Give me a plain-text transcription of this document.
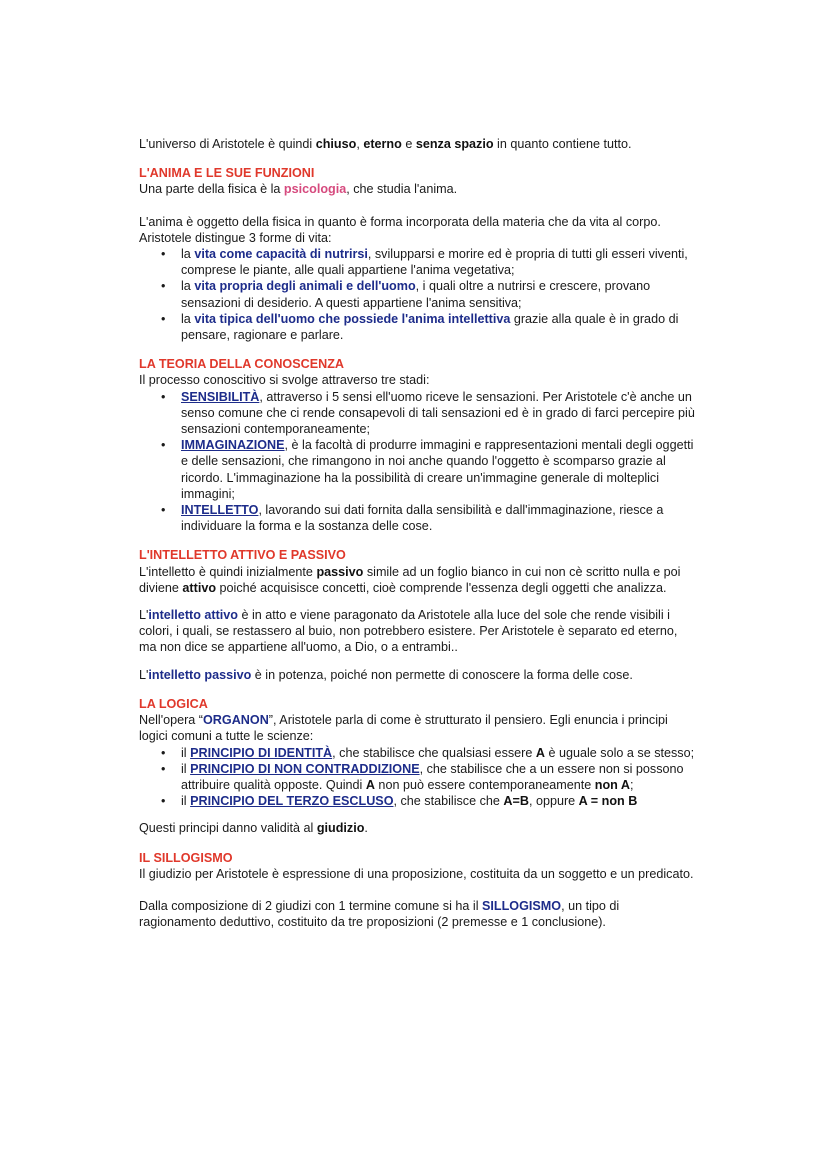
L'universo di Aristotele è quindi chiuso, eterno e senza spazio in quanto contiene tutto.

L'ANIMA E LE SUE FUNZIONI

Una parte della fisica è la psicologia, che studia l'anima.

L'anima è oggetto della fisica in quanto è forma incorporata della materia che da vita al corpo. Aristotele distingue 3 forme di vita:

• la vita come capacità di nutrirsi, svilupparsi e morire ed è propria di tutti gli esseri viventi, comprese le piante, alle quali appartiene l'anima vegetativa;
• la vita propria degli animali e dell'uomo, i quali oltre a nutrirsi e crescere, provano sensazioni di desiderio. A questi appartiene l'anima sensitiva;
• la vita tipica dell'uomo che possiede l'anima intellettiva grazie alla quale è in grado di pensare, ragionare e parlare.
LA TEORIA DELLA CONOSCENZA

Il processo conoscitivo si svolge attraverso tre stadi:

• SENSIBILITÀ, attraverso i 5 sensi ell'uomo riceve le sensazioni. Per Aristotele c'è anche un senso comune che ci rende consapevoli di tali sensazioni ed è in grado di farci percepire più sensazioni contemporaneamente;
• IMMAGINAZIONE, è la facoltà di produrre immagini e rappresentazioni mentali degli oggetti e delle sensazioni, che rimangono in noi anche quando l'oggetto è scomparso grazie al ricordo. L'immaginazione ha la possibilità di creare un'immagine generale di molteplici immagini;
• INTELLETTO, lavorando sui dati fornita dalla sensibilità e dall'immaginazione, riesce a individuare la forma e la sostanza delle cose.
L'INTELLETTO ATTIVO E PASSIVO

L'intelletto è quindi inizialmente passivo simile ad un foglio bianco in cui non cè scritto nulla e poi diviene attivo poiché acquisisce concetti, cioè comprende l'essenza degli oggetti che analizza.

L'intelletto attivo è in atto e viene paragonato da Aristotele alla luce del sole che rende visibili i colori, i quali, se restassero al buio, non potrebbero esistere. Per Aristotele è separato ed eterno, ma non dice se appartiene all'uomo, a Dio, o a entrambi..

L'intelletto passivo è in potenza, poiché non permette di conoscere la forma delle cose.

LA LOGICA

Nell'opera “ORGANON”, Aristotele parla di come è strutturato il pensiero. Egli enuncia i principi logici comuni a tutte le scienze:

• il PRINCIPIO DI IDENTITÀ, che stabilisce che qualsiasi essere A è uguale solo a se stesso;
• il PRINCIPIO DI NON CONTRADDIZIONE, che stabilisce che a un essere non si possono attribuire qualità opposte. Quindi A non può essere contemporaneamente non A;
• il PRINCIPIO DEL TERZO ESCLUSO, che stabilisce che A=B, oppure A = non B

Questi principi danno validità al giudizio.

IL SILLOGISMO

Il giudizio per Aristotele è espressione di una proposizione, costituita da un soggetto e un predicato.

Dalla composizione di 2 giudizi con 1 termine comune si ha il SILLOGISMO, un tipo di ragionamento deduttivo, costituito da tre proposizioni (2 premesse e 1 conclusione).
